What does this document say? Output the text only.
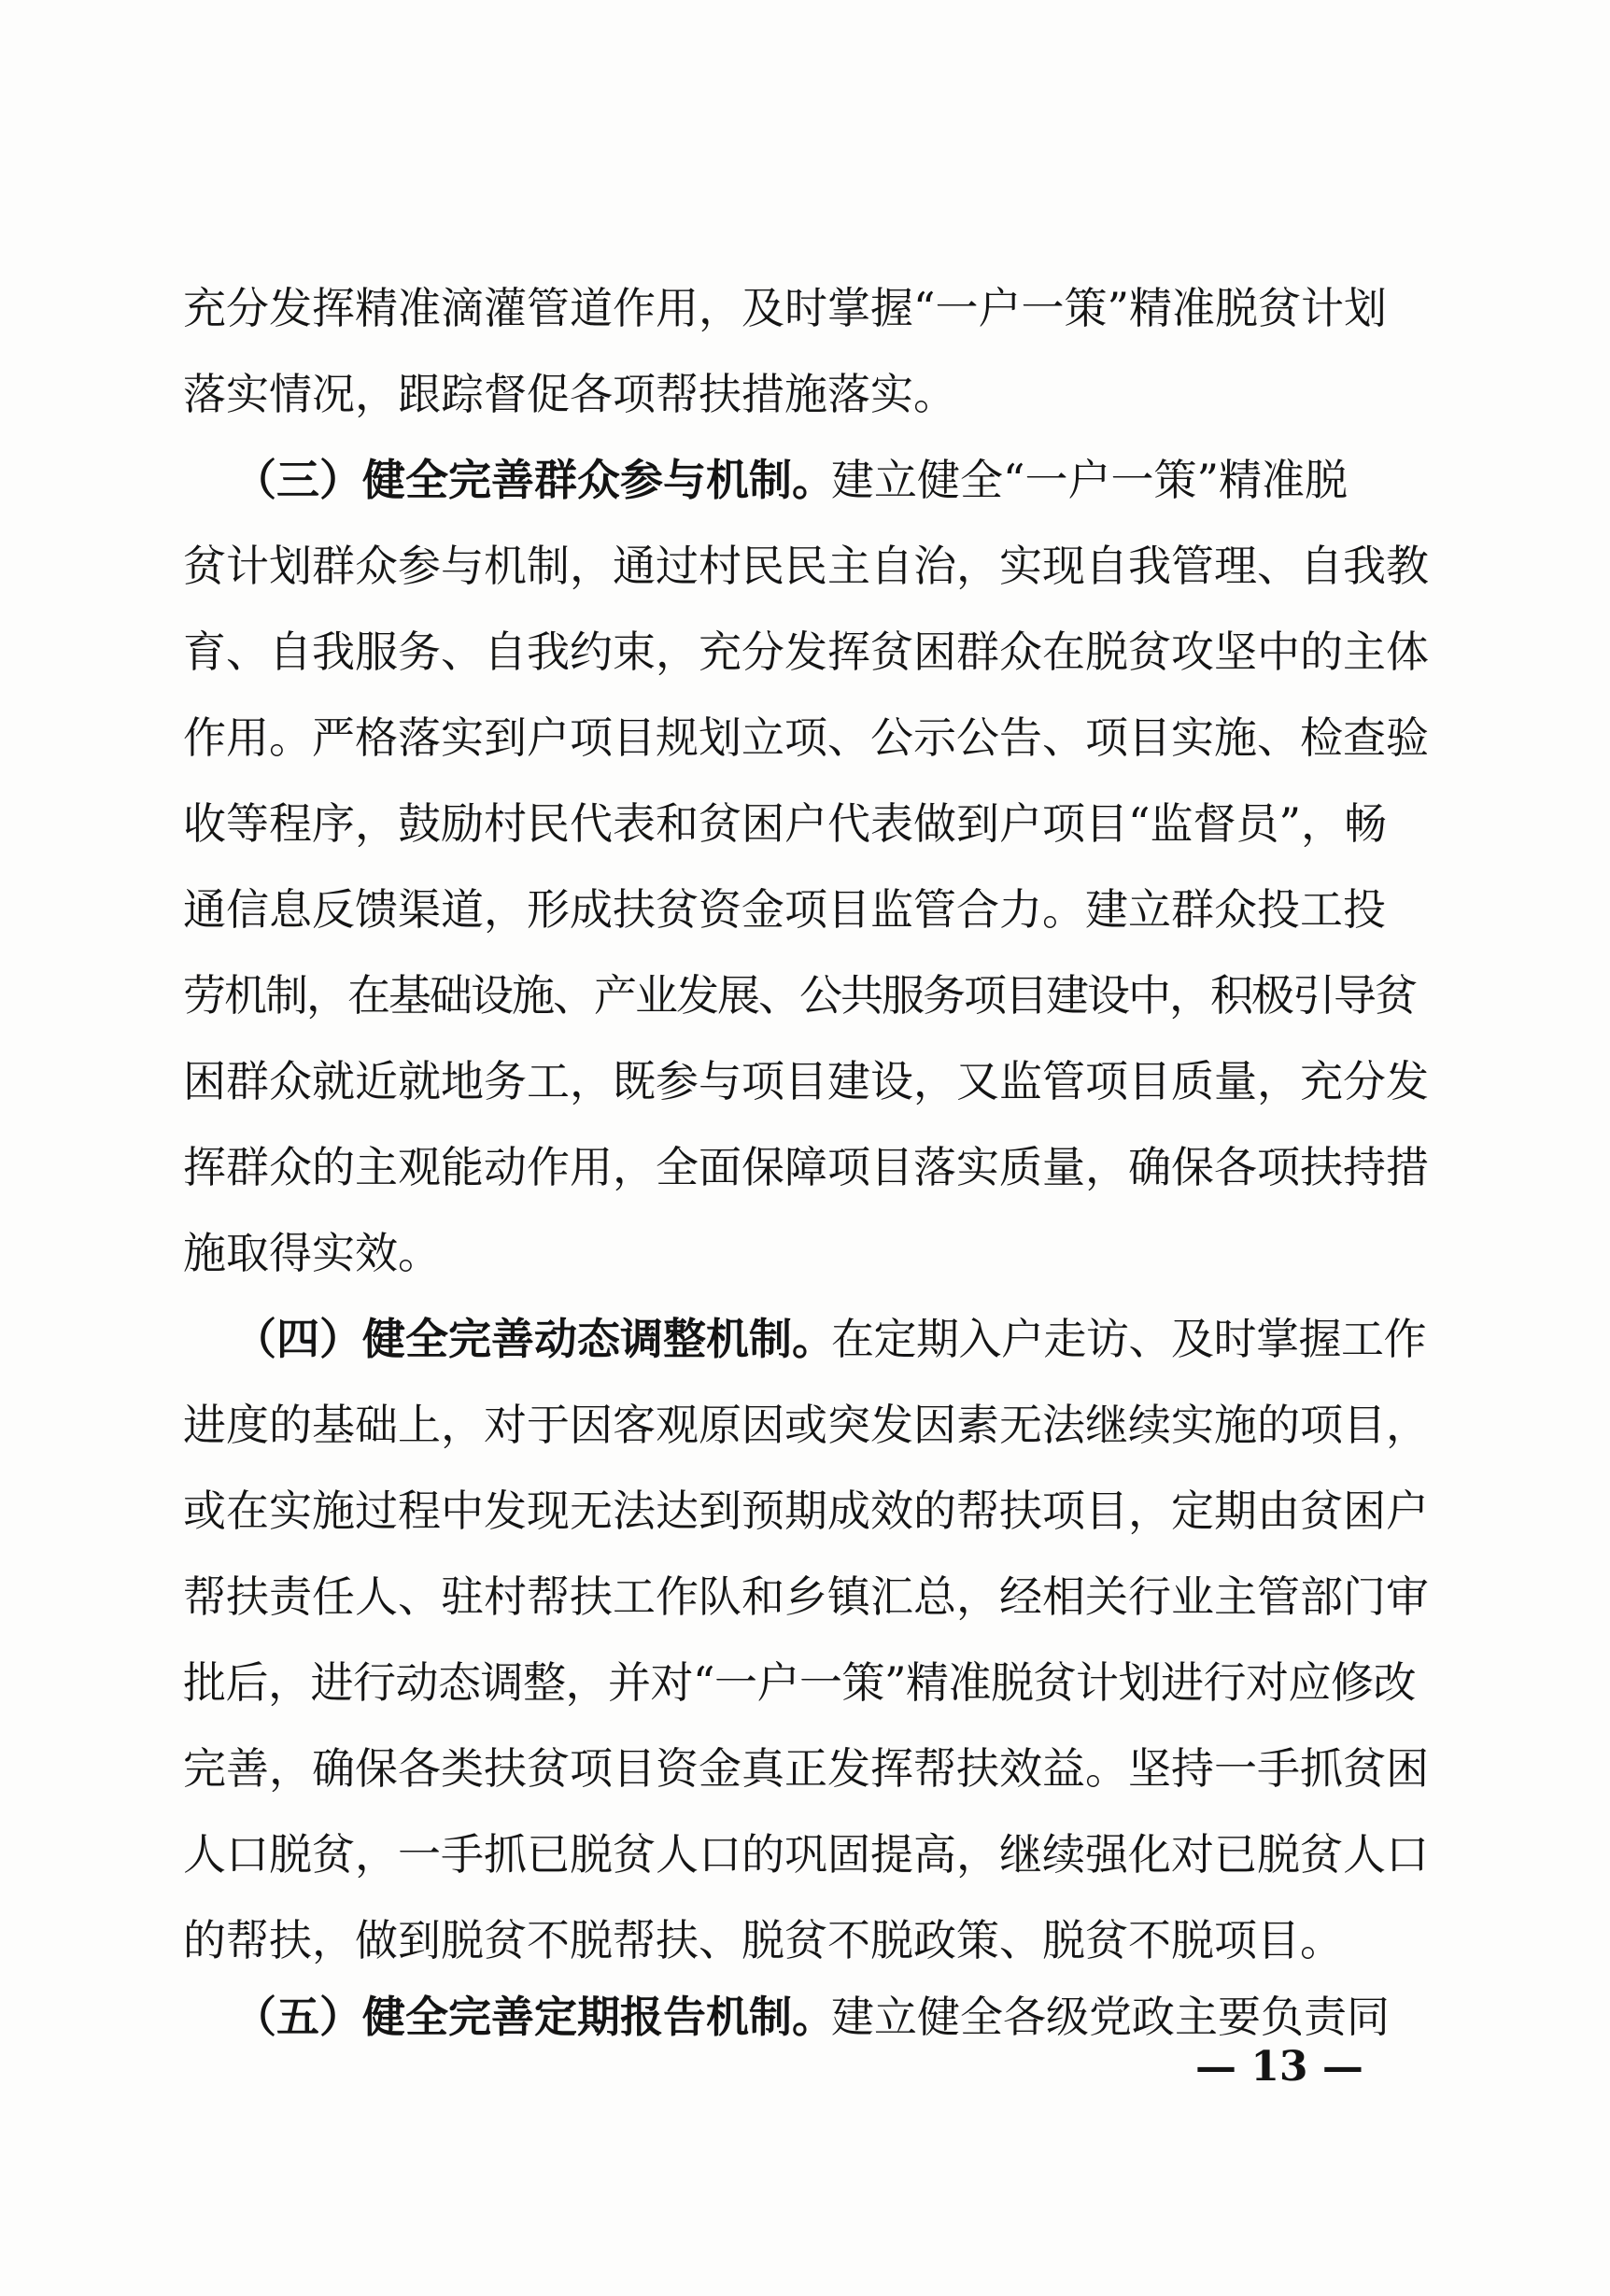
充分发挥精准滴灌管道作用，及时掌握“一户一策”精准脱贫计划
落实情况，跟踪督促各项帮扶措施落实。
（三）健全完善群众参与机制。
建立健全“一户一策”精准脱
贫计划群众参与机制，通过村民民主自治，实现自我管理、自我教
育、自我服务、自我约束，充分发挥贫困群众在脱贫攻坚中的主体
作用。严格落实到户项目规划立项、公示公告、项目实施、检查验
收等程序，鼓励村民代表和贫困户代表做到户项目“监督员”，畅
通信息反馈渠道，形成扶贫资金项目监管合力。建立群众投工投
劳机制，在基础设施、产业发展、公共服务项目建设中，积极引导贫
困群众就近就地务工，既参与项目建设，又监管项目质量，充分发
挥群众的主观能动作用，全面保障项目落实质量，确保各项扶持措
施取得实效。
（四）健全完善动态调整机制。
在定期入户走访、及时掌握工作
进度的基础上，对于因客观原因或突发因素无法继续实施的项目，
或在实施过程中发现无法达到预期成效的帮扶项目，定期由贫困户
帮扶责任人、驻村帮扶工作队和乡镇汇总，经相关行业主管部门审
批后，进行动态调整，并对“一户一策”精准脱贫计划进行对应修改
完善，确保各类扶贫项目资金真正发挥帮扶效益。坚持一手抓贫困
人口脱贫，一手抓已脱贫人口的巩固提高，继续强化对已脱贫人口
的帮扶，做到脱贫不脱帮扶、脱贫不脱政策、脱贫不脱项目。
（五）健全完善定期报告机制。
建立健全各级党政主要负责同
— 13 —
